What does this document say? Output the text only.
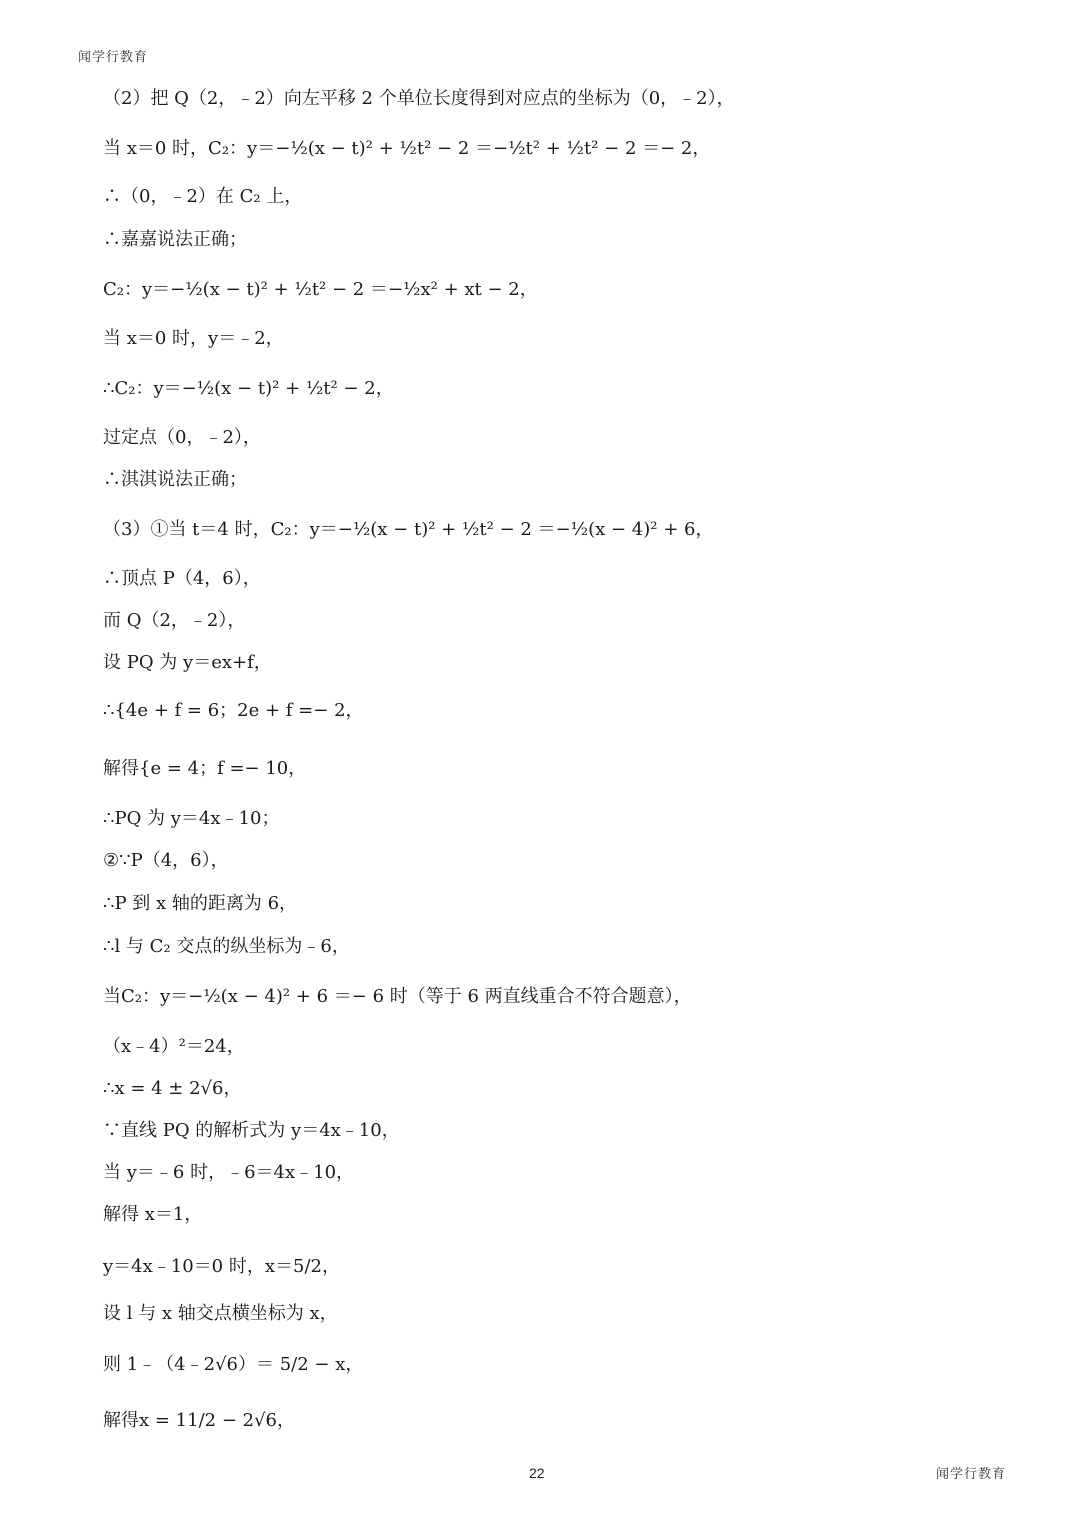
闻学行教育
（2）把 Q（2，﹣2）向左平移 2 个单位长度得到对应点的坐标为（0，﹣2），
当 x＝0 时，C₂：y＝−½(x − t)² + ½t² − 2 ＝−½t² + ½t² − 2 ＝− 2，
∴（0，﹣2）在 C₂ 上，
∴嘉嘉说法正确；
C₂：y＝−½(x − t)² + ½t² − 2 ＝−½x² + xt − 2，
当 x＝0 时，y＝﹣2，
∴C₂：y＝−½(x − t)² + ½t² − 2，
过定点（0，﹣2），
∴淇淇说法正确；
（3）①当 t＝4 时，C₂：y＝−½(x − t)² + ½t² − 2 ＝−½(x − 4)² + 6，
∴顶点 P（4，6），
而 Q（2，﹣2），
设 PQ 为 y＝ex+f，
∴{4e + f = 6；2e + f =− 2，
解得{e = 4；f =− 10，
∴PQ 为 y＝4x﹣10；
②∵P（4，6），
∴P 到 x 轴的距离为 6，
∴l 与 C₂ 交点的纵坐标为﹣6，
当C₂：y＝−½(x − 4)² + 6 ＝− 6 时（等于 6 两直线重合不符合题意），
（x﹣4）²＝24，
∴x = 4 ± 2√6，
∵直线 PQ 的解析式为 y＝4x﹣10，
当 y＝﹣6 时，﹣6＝4x﹣10，
解得 x＝1，
y＝4x﹣10＝0 时，x＝5/2，
设 l 与 x 轴交点横坐标为 x，
则 1﹣（4﹣2√6）＝ 5/2 − x，
解得x = 11/2 − 2√6，
22	闻学行教育
